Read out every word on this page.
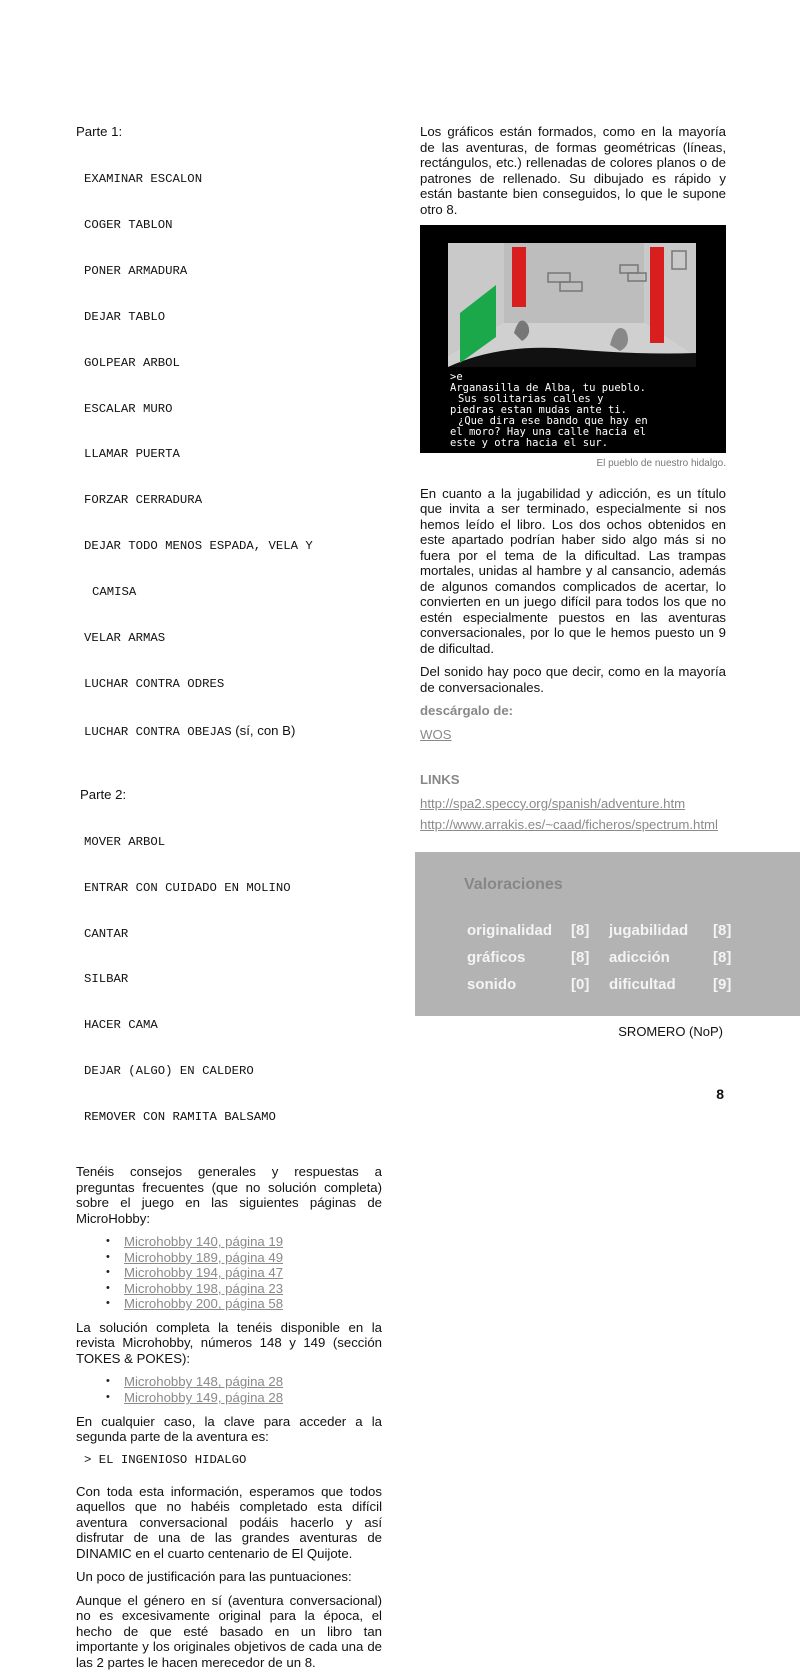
Parte 1:

EXAMINAR ESCALON

COGER TABLON

PONER ARMADURA

DEJAR TABLO

GOLPEAR ARBOL

ESCALAR MURO

LLAMAR PUERTA

FORZAR CERRADURA

DEJAR TODO MENOS ESPADA, VELA Y

CAMISA

VELAR ARMAS

LUCHAR CONTRA ODRES

LUCHAR CONTRA OBEJAS (sí, con B)

Parte 2:

MOVER ARBOL

ENTRAR CON CUIDADO EN MOLINO

CANTAR

SILBAR

HACER CAMA

DEJAR (ALGO) EN CALDERO

REMOVER CON RAMITA BALSAMO

Tenéis consejos generales y respuestas a preguntas frecuentes (que no solución completa) sobre el juego en las siguientes páginas de MicroHobby:

• Microhobby 140, página 19
• Microhobby 189, página 49
• Microhobby 194, página 47
• Microhobby 198, página 23
• Microhobby 200, página 58

La solución completa la tenéis disponible en la revista Microhobby, números 148 y 149 (sección TOKES & POKES):

• Microhobby 148, página 28
• Microhobby 149, página 28

En cualquier caso, la clave para acceder a la segunda parte de la aventura es:

> EL INGENIOSO HIDALGO

Con toda esta información, esperamos que todos aquellos que no habéis completado esta difícil aventura conversacional podáis hacerlo y así disfrutar de una de las grandes aventuras de DINAMIC en el cuarto centenario de El Quijote.

Un poco de justificación para las puntuaciones:

Aunque el género en sí (aventura conversacional) no es excesivamente original para la época, el hecho de que esté basado en un libro tan importante y los originales objetivos de cada una de las 2 partes le hacen merecedor de un 8.

Los gráficos están formados, como en la mayoría de las aventuras, de formas geométricas (líneas, rectángulos, etc.) rellenadas de colores planos o de patrones de rellenado. Su dibujado es rápido y están bastante bien conseguidos, lo que le supone otro 8.

>e
Arganasilla de Alba, tu pueblo.
Sus solitarias calles y
piedras estan mudas ante ti.
¿Que dira ese bando que hay en
el moro? Hay una calle hacia el
este y otra hacia el sur.
El pueblo de nuestro hidalgo.

En cuanto a la jugabilidad y adicción, es un título que invita a ser terminado, especialmente si nos hemos leído el libro. Los dos ochos obtenidos en este apartado podrían haber sido algo más si no fuera por el tema de la dificultad. Las trampas mortales, unidas al hambre y al cansancio, además de algunos comandos complicados de acertar, lo convierten en un juego difícil para todos los que no estén especialmente puestos en las aventuras conversacionales, por lo que le hemos puesto un 9 de dificultad.

Del sonido hay poco que decir, como en la mayoría de conversacionales.

descárgalo de:

WOS

LINKS

http://spa2.speccy.org/spanish/adventure.htm

http://www.arrakis.es/~caad/ficheros/spectrum.html

Valoraciones
originalidad [8] jugabilidad [8]
gráficos	[8] adicción	[8]
sonido	[0] dificultad [9]
SROMERO (NoP)
8
